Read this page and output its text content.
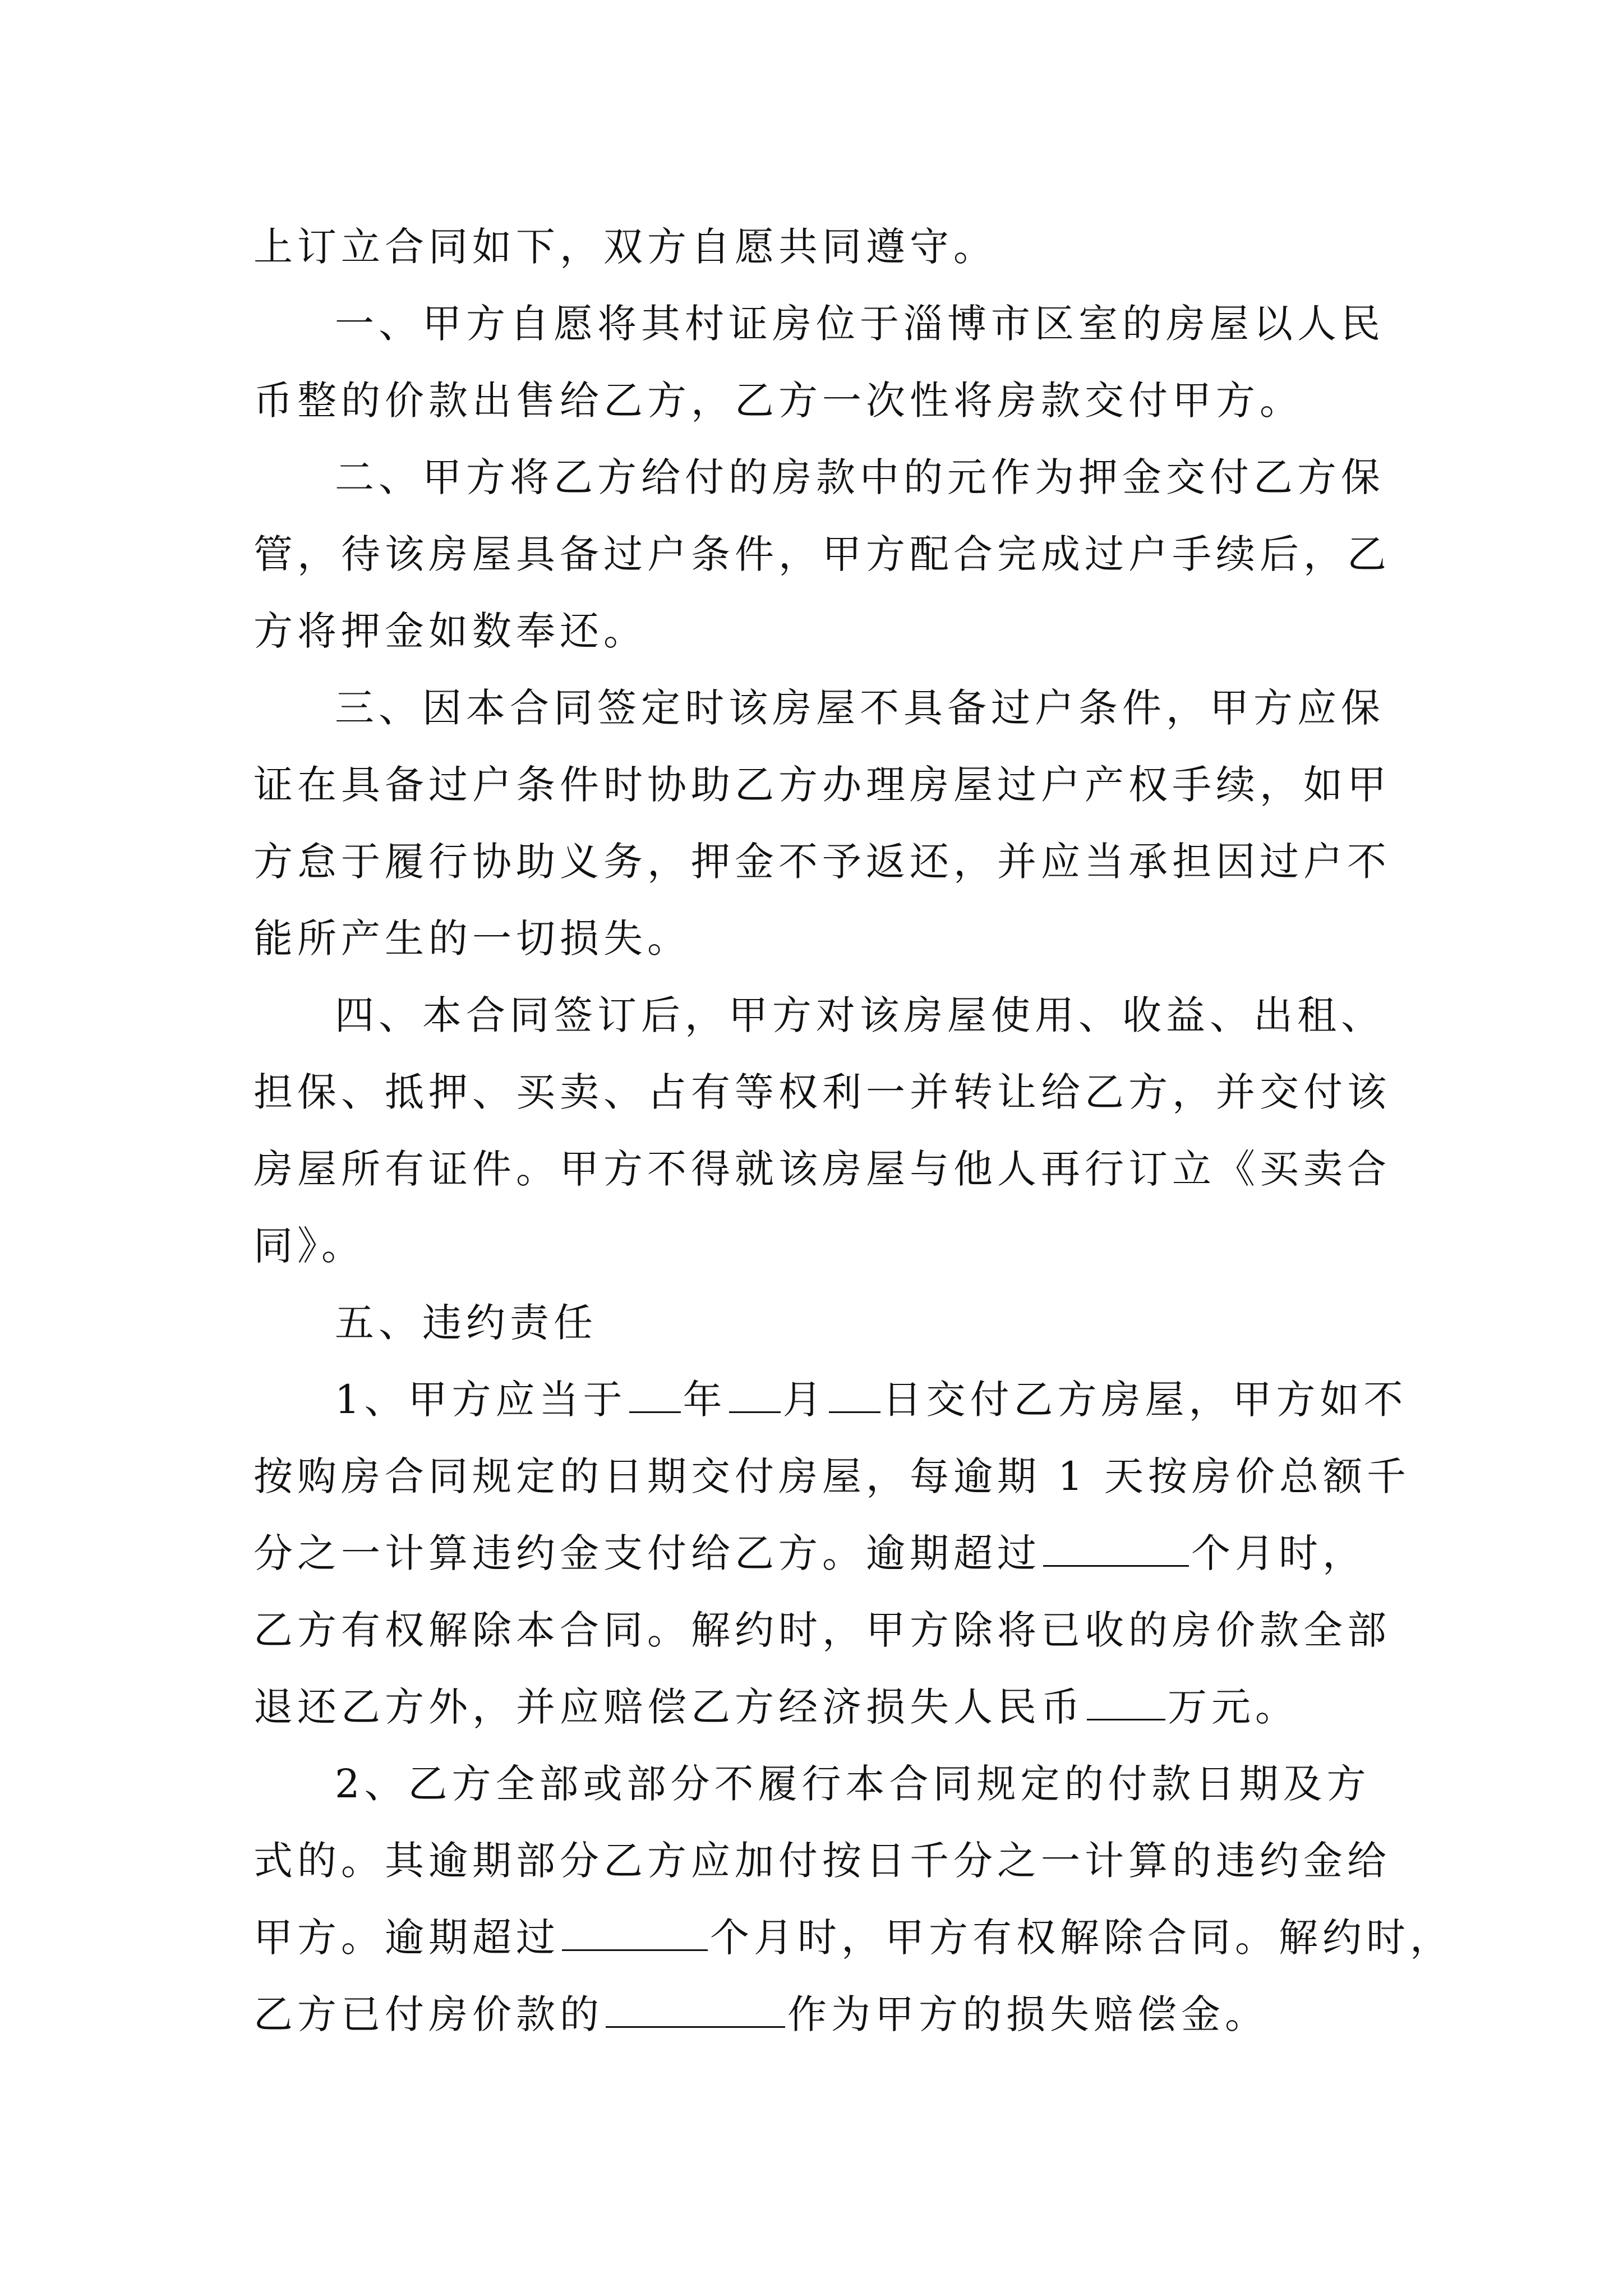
上订立合同如下，双方自愿共同遵守。
一、甲方自愿将其村证房位于淄博市区室的房屋以人民
币整的价款出售给乙方，乙方一次性将房款交付甲方。
二、甲方将乙方给付的房款中的元作为押金交付乙方保
管，待该房屋具备过户条件，甲方配合完成过户手续后，乙
方将押金如数奉还。
三、因本合同签定时该房屋不具备过户条件，甲方应保
证在具备过户条件时协助乙方办理房屋过户产权手续，如甲
方怠于履行协助义务，押金不予返还，并应当承担因过户不
能所产生的一切损失。
四、本合同签订后，甲方对该房屋使用、收益、出租、
担保、抵押、买卖、占有等权利一并转让给乙方，并交付该
房屋所有证件。甲方不得就该房屋与他人再行订立《买卖合
同》。
五、违约责任
1、甲方应当于 年 月 日交付乙方房屋，甲方如不
按购房合同规定的日期交付房屋，每逾期 1 天按房价总额千
分之一计算违约金支付给乙方。逾期超过	个月时，
乙方有权解除本合同。解约时，甲方除将已收的房价款全部
退还乙方外，并应赔偿乙方经济损失人民币 万元。
2、乙方全部或部分不履行本合同规定的付款日期及方
式的。其逾期部分乙方应加付按日千分之一计算的违约金给
甲方。逾期超过	个月时，甲方有权解除合同。解约时，
乙方已付房价款的	作为甲方的损失赔偿金。
